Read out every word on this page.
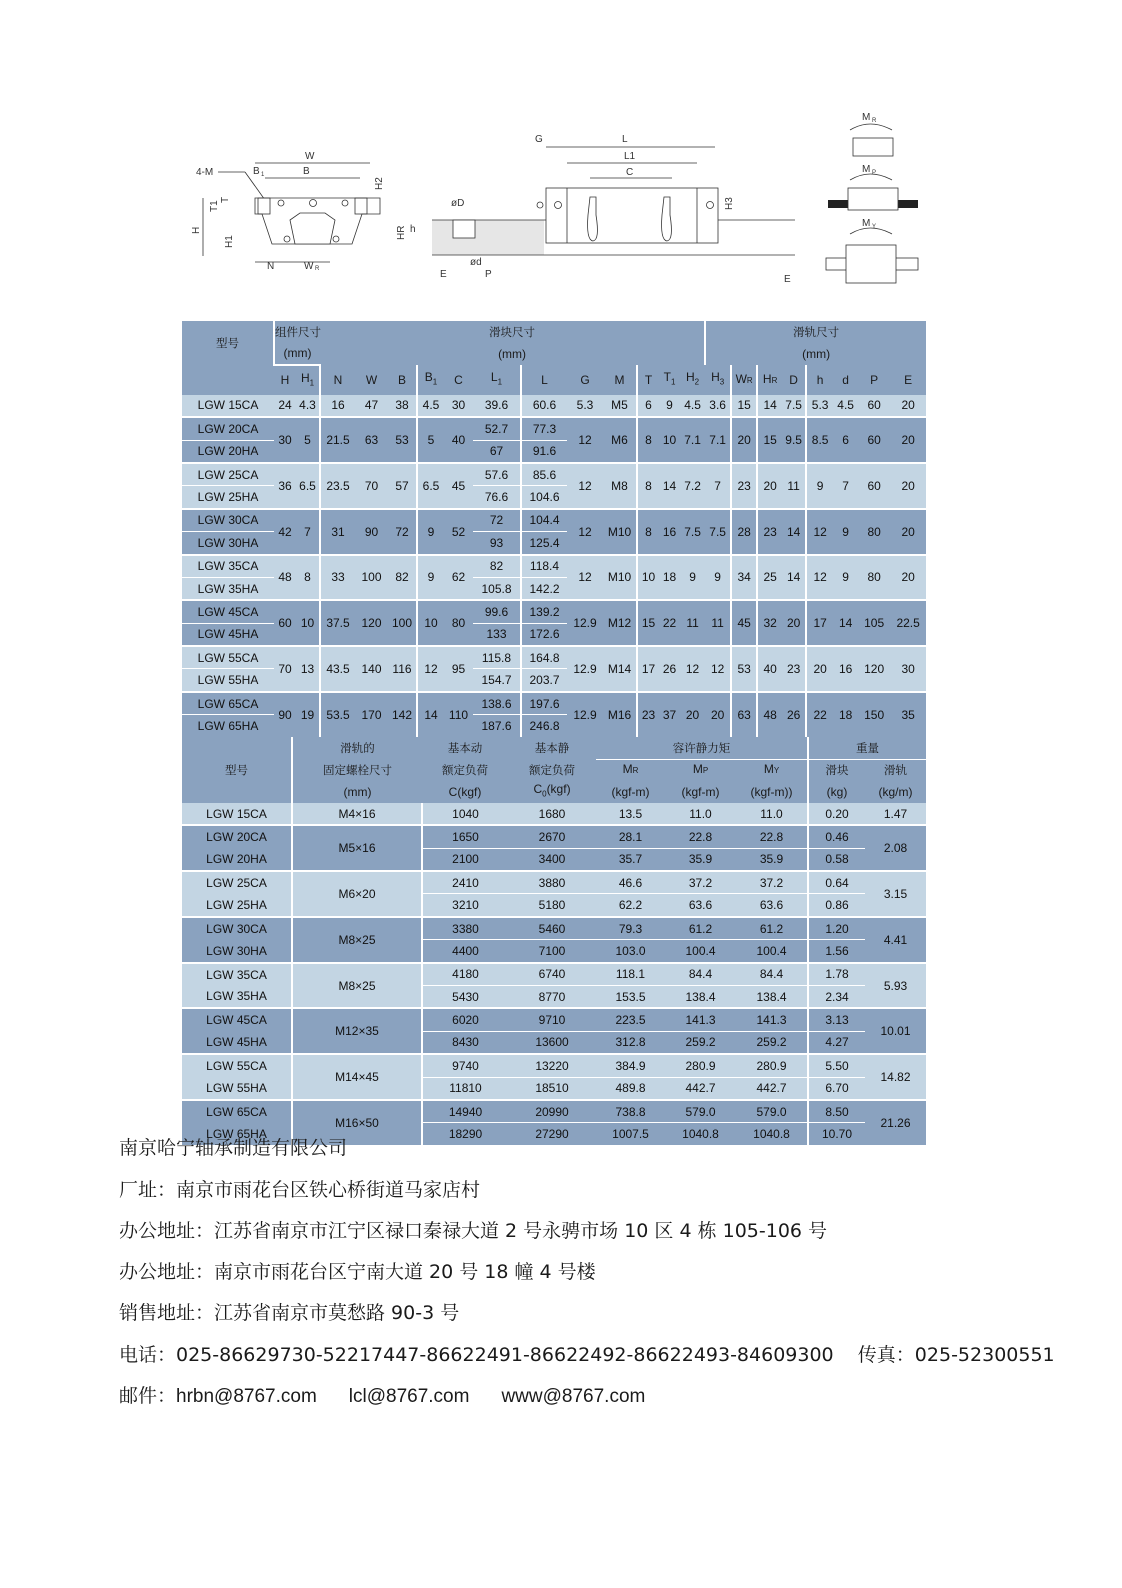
W
B
B 1
4-M
H
T1
T
H1
H2
N	W R
L
L1
C
G
øD
ød
E	P	E
h
HR
H3
M R
M P
M Y
型号	组件尺寸		滑块尺寸												滑轨尺寸							
	(mm)		(mm)												(mm)							
	H	$H_1$	N	W	B	$B_1$	C	$L_1$	L	G	M	T	$T_1$	$H_2$	$H_3$	WR	HR	D	h	d	P	E
LGW 15CA	24	4.3	16	47	38	4.5	30	39.6	60.6	5.3	M5	6	9	4.5	3.6	15	14	7.5	5.3	4.5	60	20
LGW 20CA	30	5	21.5	63	53	5	40	52.7	77.3	12	M6	8	10	7.1	7.1	20	15	9.5	8.5	6	60	20
LGW 20HA								67	91.6													
LGW 25CA	36	6.5	23.5	70	57	6.5	45	57.6	85.6	12	M8	8	14	7.2	7	23	20	11	9	7	60	20
LGW 25HA								76.6	104.6													
LGW 30CA	42	7	31	90	72	9	52	72	104.4	12	M10	8	16	7.5	7.5	28	23	14	12	9	80	20
LGW 30HA								93	125.4													
LGW 35CA	48	8	33	100	82	9	62	82	118.4	12	M10	10	18	9	9	34	25	14	12	9	80	20
LGW 35HA								105.8	142.2													
LGW 45CA	60	10	37.5	120	100	10	80	99.6	139.2	12.9	M12	15	22	11	11	45	32	20	17	14	105	22.5
LGW 45HA								133	172.6													
LGW 55CA	70	13	43.5	140	116	12	95	115.8	164.8	12.9	M14	17	26	12	12	53	40	23	20	16	120	30
LGW 55HA								154.7	203.7													
LGW 65CA	90	19	53.5	170	142	14	110	138.6	197.6	12.9	M16	23	37	20	20	63	48	26	22	18	150	35
LGW 65HA								187.6	246.8													
型号	滑轨的	基本动	基本静	容许静力矩			重量	
	固定螺栓尺寸	额定负荷	额定负荷	MR	MP	MY	滑块	滑轨
	(mm)	C(kgf)	$C_0(kgf)$	(kgf-m)	(kgf-m)	(kgf-m))	(kg)	(kg/m)
LGW 15CA	M4×16	1040	1680	13.5	11.0	11.0	0.20	1.47
LGW 20CA	M5×16	1650	2670	28.1	22.8	22.8	0.46	2.08
LGW 20HA		2100	3400	35.7	35.9	35.9	0.58	
LGW 25CA	M6×20	2410	3880	46.6	37.2	37.2	0.64	3.15
LGW 25HA		3210	5180	62.2	63.6	63.6	0.86	
LGW 30CA	M8×25	3380	5460	79.3	61.2	61.2	1.20	4.41
LGW 30HA		4400	7100	103.0	100.4	100.4	1.56	
LGW 35CA	M8×25	4180	6740	118.1	84.4	84.4	1.78	5.93
LGW 35HA		5430	8770	153.5	138.4	138.4	2.34	
LGW 45CA	M12×35	6020	9710	223.5	141.3	141.3	3.13	10.01
LGW 45HA		8430	13600	312.8	259.2	259.2	4.27	
LGW 55CA	M14×45	9740	13220	384.9	280.9	280.9	5.50	14.82
LGW 55HA		11810	18510	489.8	442.7	442.7	6.70	
LGW 65CA	M16×50	14940	20990	738.8	579.0	579.0	8.50	21.26
LGW 65HA		18290	27290	1007.5	1040.8	1040.8	10.70	
南京哈宁轴承制造有限公司
厂址：南京市雨花台区铁心桥街道马家店村
办公地址：江苏省南京市江宁区禄口秦禄大道 2 号永骋市场 10 区 4 栋 105-106 号
办公地址：南京市雨花台区宁南大道 20 号 18 幢 4 号楼
销售地址：江苏省南京市莫愁路 90-3 号
电话：025-86629730-52217447-86622491-86622492-86622493-84609300    传真：025-52300551
邮件：hrbn@8767.com lcl@8767.com www@8767.com
